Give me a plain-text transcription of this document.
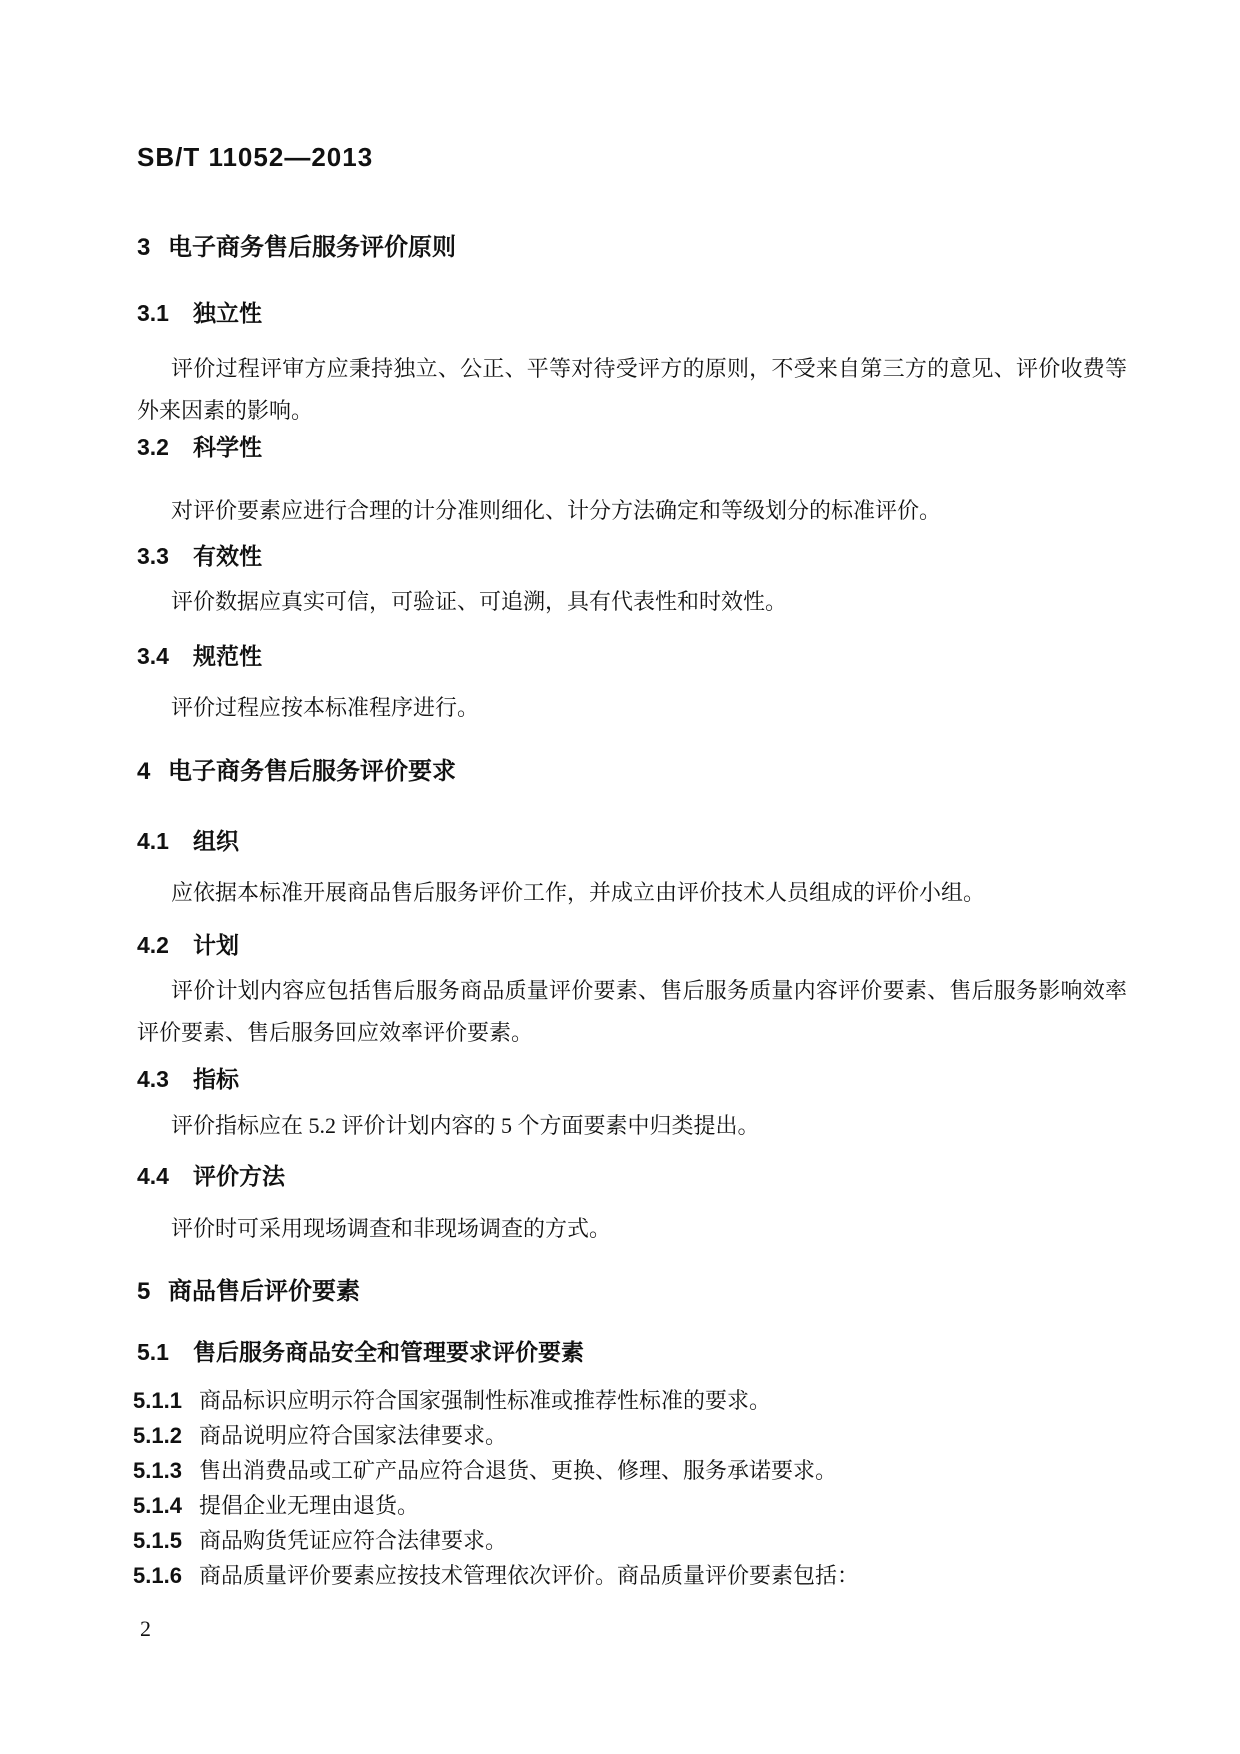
SB/T 11052—2013
3 电子商务售后服务评价原则
3.1 独立性
评价过程评审方应秉持独立、公正、平等对待受评方的原则，不受来自第三方的意见、评价收费等外来因素的影响。
3.2 科学性
对评价要素应进行合理的计分准则细化、计分方法确定和等级划分的标准评价。
3.3 有效性
评价数据应真实可信，可验证、可追溯，具有代表性和时效性。
3.4 规范性
评价过程应按本标准程序进行。
4 电子商务售后服务评价要求
4.1 组织
应依据本标准开展商品售后服务评价工作，并成立由评价技术人员组成的评价小组。
4.2 计划
评价计划内容应包括售后服务商品质量评价要素、售后服务质量内容评价要素、售后服务影响效率评价要素、售后服务回应效率评价要素。
4.3 指标
评价指标应在 5.2 评价计划内容的 5 个方面要素中归类提出。
4.4 评价方法
评价时可采用现场调查和非现场调查的方式。
5 商品售后评价要素
5.1 售后服务商品安全和管理要求评价要素
5.1.1 商品标识应明示符合国家强制性标准或推荐性标准的要求。
5.1.2 商品说明应符合国家法律要求。
5.1.3 售出消费品或工矿产品应符合退货、更换、修理、服务承诺要求。
5.1.4 提倡企业无理由退货。
5.1.5 商品购货凭证应符合法律要求。
5.1.6 商品质量评价要素应按技术管理依次评价。商品质量评价要素包括：
2
